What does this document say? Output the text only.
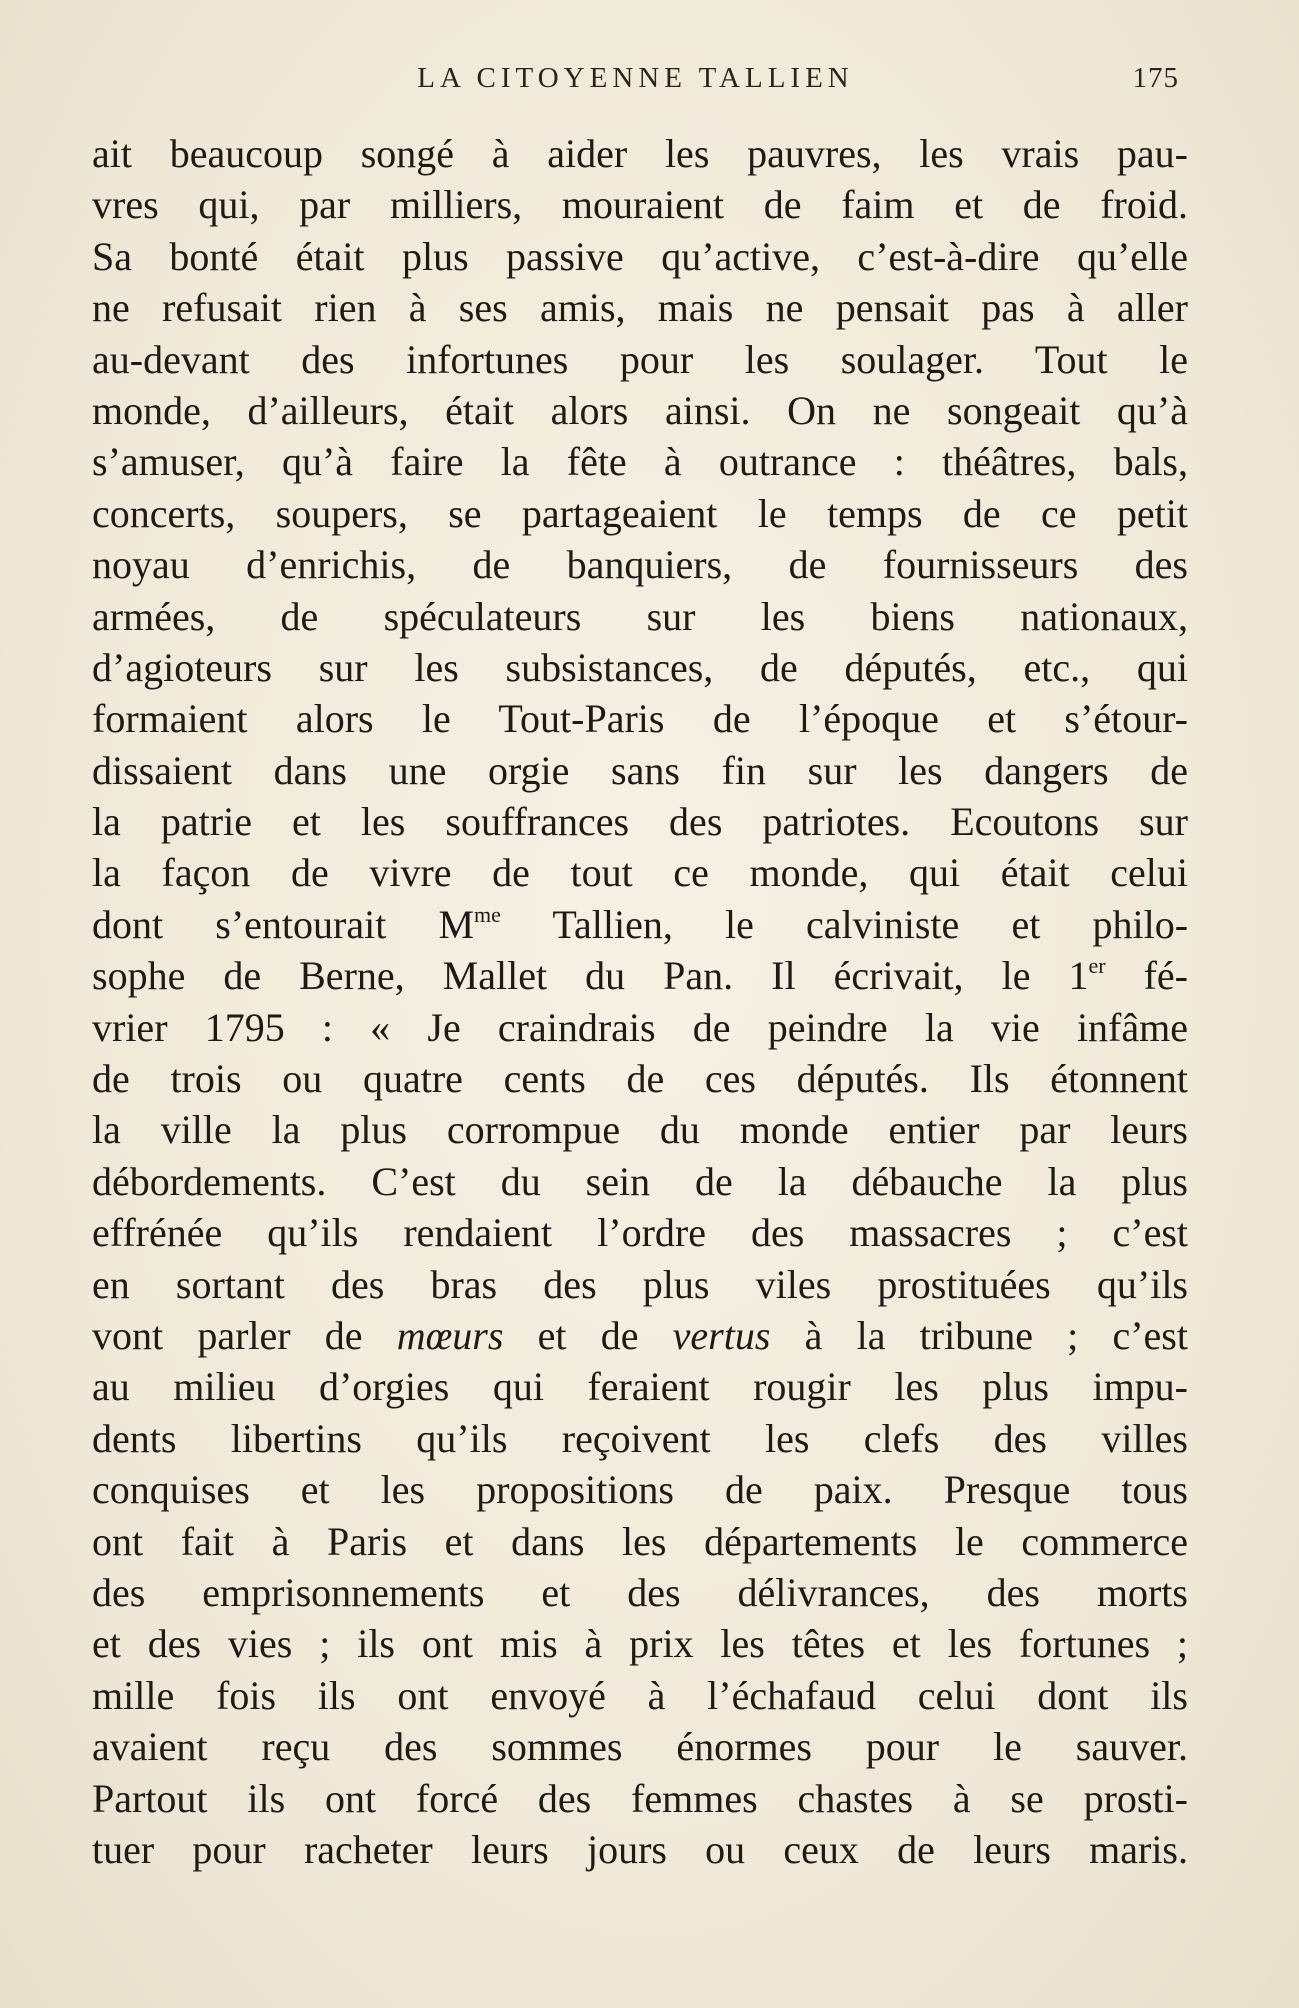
LA CITOYENNE TALLIEN	175
ait beaucoup songé à aider les pauvres, les vrais pau-
vres qui, par milliers, mouraient de faim et de froid.
Sa bonté était plus passive qu’active, c’est-à-dire qu’elle
ne refusait rien à ses amis, mais ne pensait pas à aller
au-devant des infortunes pour les soulager. Tout le
monde, d’ailleurs, était alors ainsi. On ne songeait qu’à
s’amuser, qu’à faire la fête à outrance : théâtres, bals,
concerts, soupers, se partageaient le temps de ce petit
noyau d’enrichis, de banquiers, de fournisseurs des
armées, de spéculateurs sur les biens nationaux,
d’agioteurs sur les subsistances, de députés, etc., qui
formaient alors le Tout-Paris de l’époque et s’étour-
dissaient dans une orgie sans fin sur les dangers de
la patrie et les souffrances des patriotes. Ecoutons sur
la façon de vivre de tout ce monde, qui était celui
dont s’entourait $M^{me}$ Tallien, le calviniste et philo-
sophe de Berne, Mallet du Pan. Il écrivait, le 1er fé-
vrier 1795 : « Je craindrais de peindre la vie infâme
de trois ou quatre cents de ces députés. Ils étonnent
la ville la plus corrompue du monde entier par leurs
débordements. C’est du sein de la débauche la plus
effrénée qu’ils rendaient l’ordre des massacres ; c’est
en sortant des bras des plus viles prostituées qu’ils
vont parler de mœurs et de vertus à la tribune ; c’est
au milieu d’orgies qui feraient rougir les plus impu-
dents libertins qu’ils reçoivent les clefs des villes
conquises et les propositions de paix. Presque tous
ont fait à Paris et dans les départements le commerce
des emprisonnements et des délivrances, des morts
et des vies ; ils ont mis à prix les têtes et les fortunes ;
mille fois ils ont envoyé à l’échafaud celui dont ils
avaient reçu des sommes énormes pour le sauver.
Partout ils ont forcé des femmes chastes à se prosti-
tuer pour racheter leurs jours ou ceux de leurs maris.
